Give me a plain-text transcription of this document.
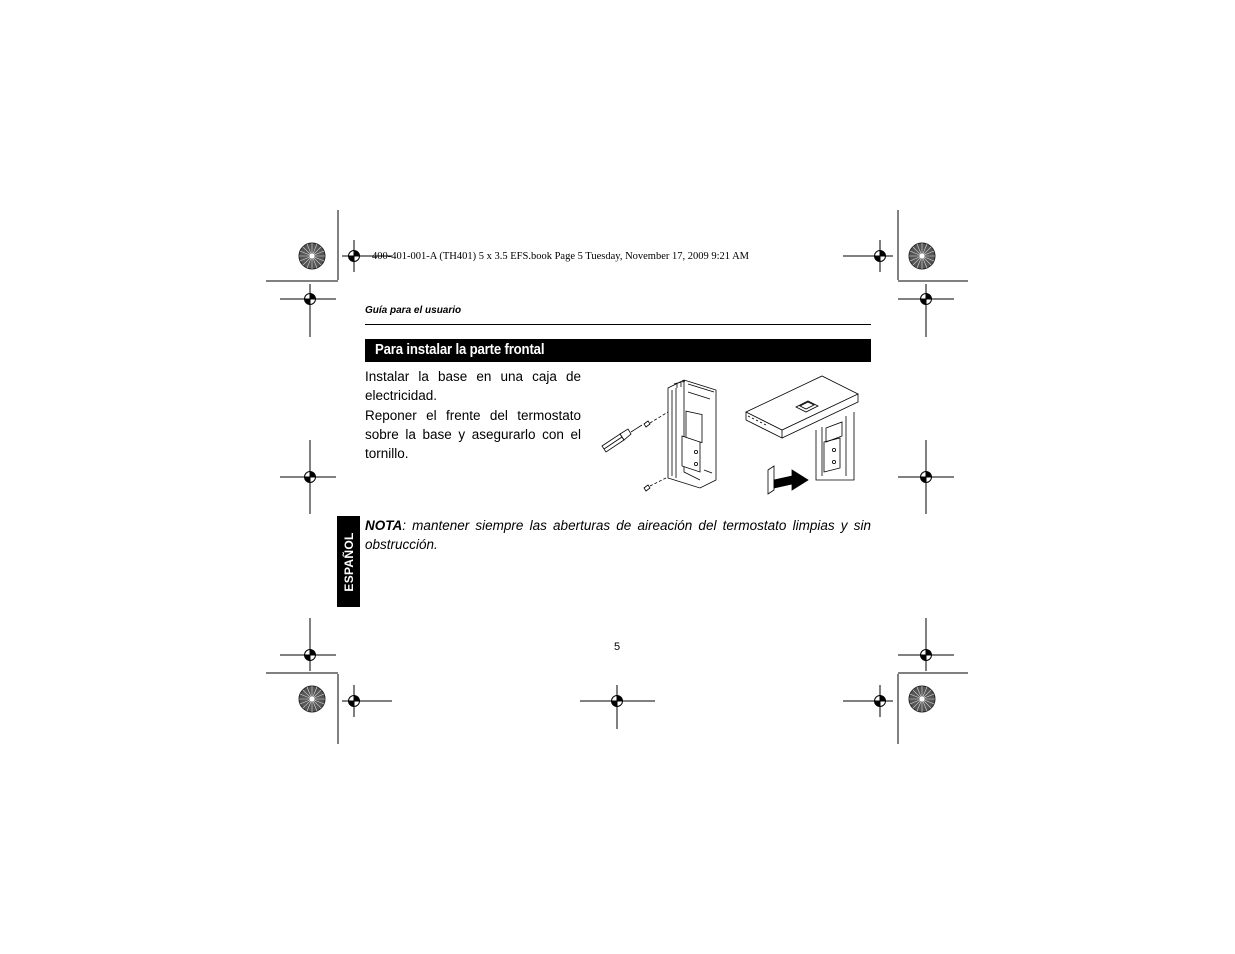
400-401-001-A (TH401) 5 x 3.5 EFS.book Page 5 Tuesday, November 17, 2009 9:21 AM
Guía para el usuario
Para instalar la parte frontal
Instalar la base en una caja de electricidad.
Reponer el frente del termostato sobre la base y asegurarlo con el tornillo.
NOTA: mantener siempre las aberturas de aireación del termostato limpias y sin obstrucción.
ESPAÑOL
5
